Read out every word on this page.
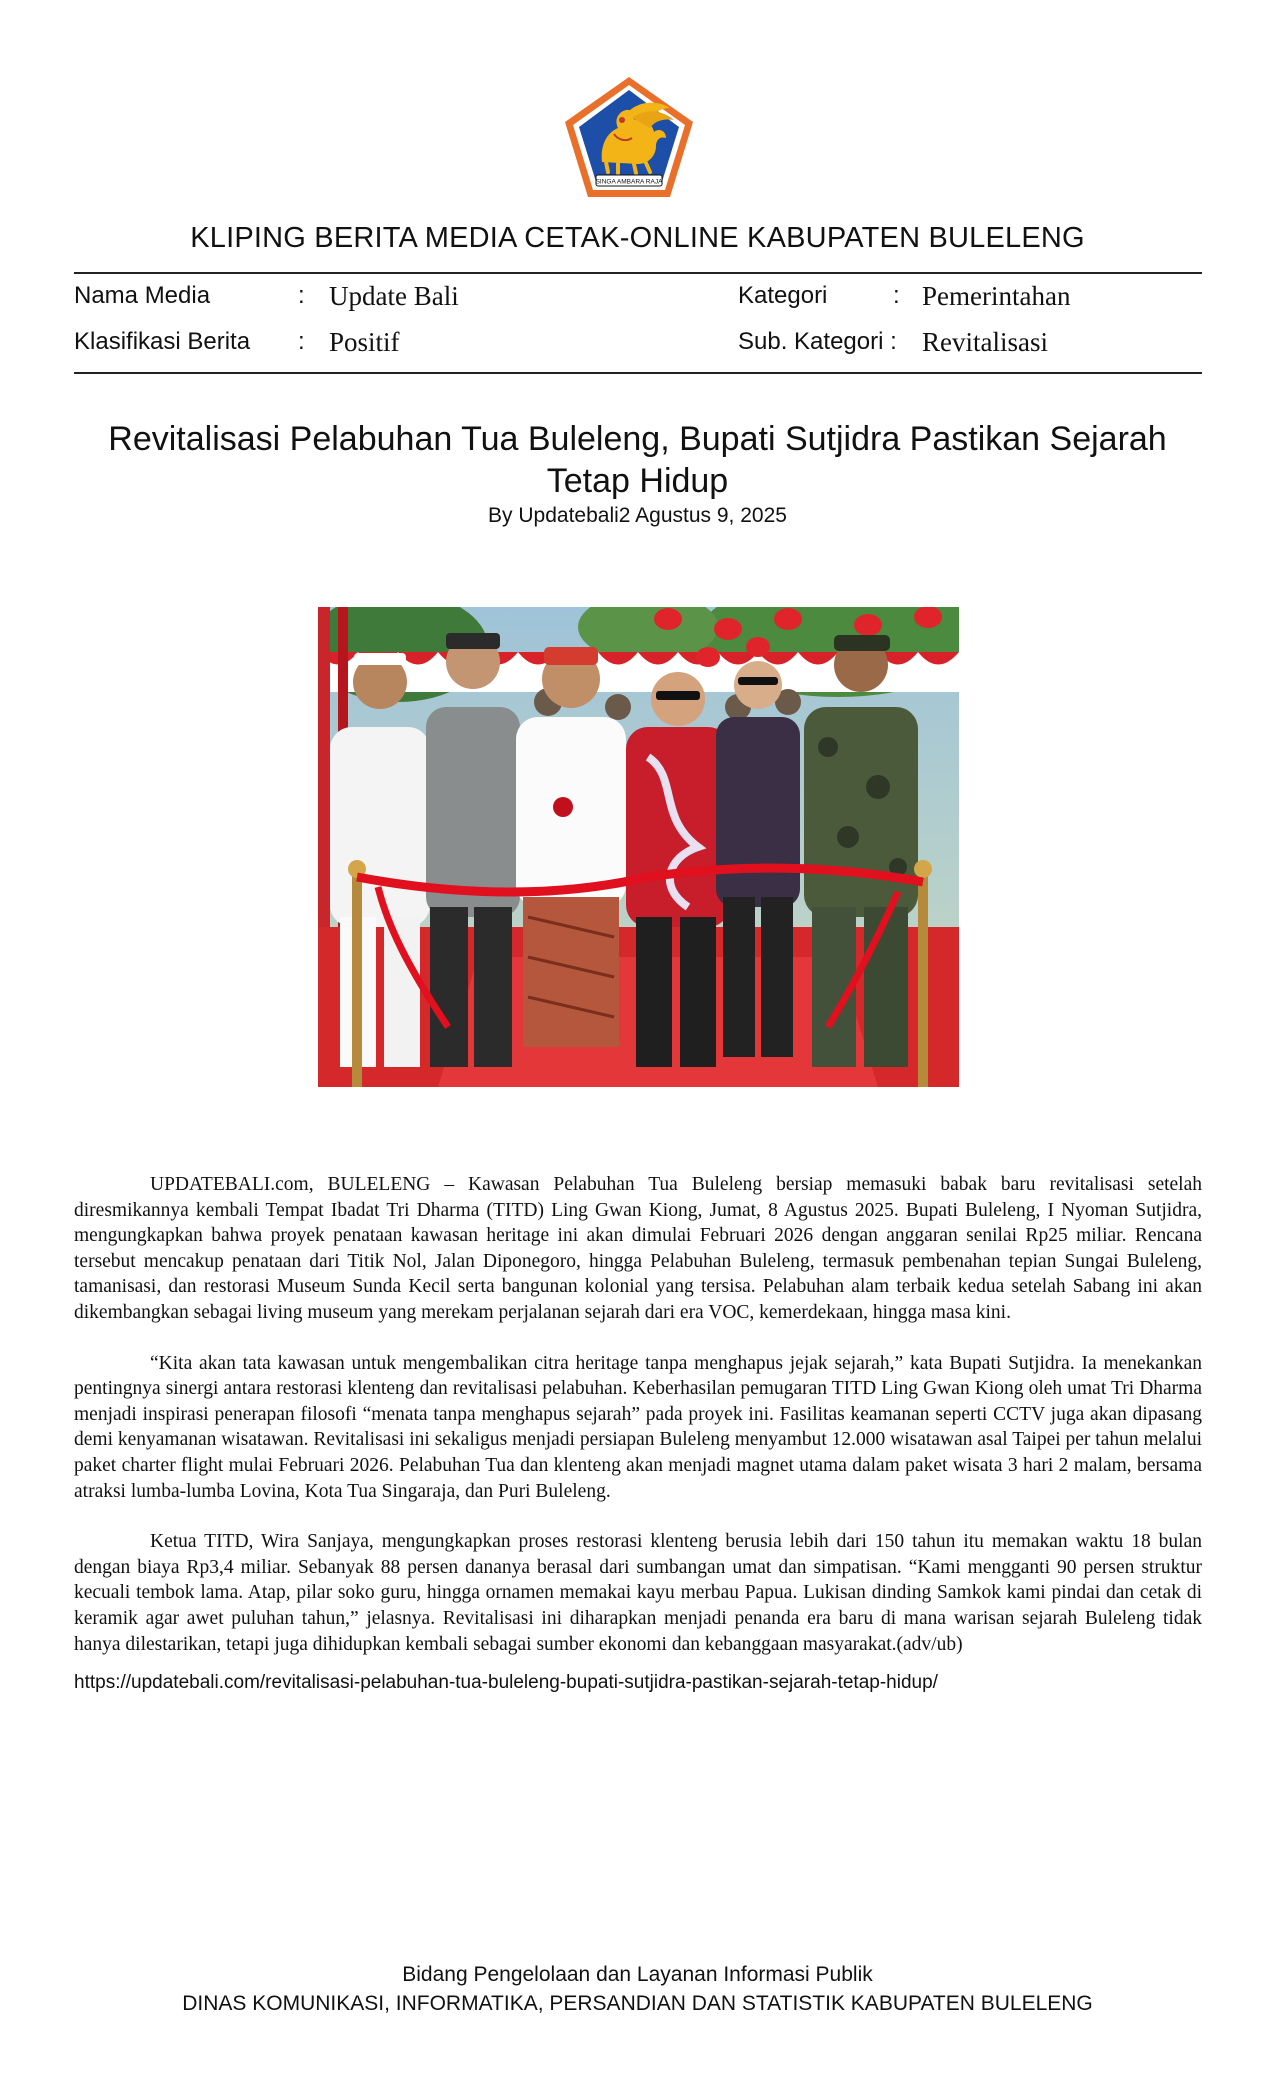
SINGA AMBARA RAJA
KLIPING BERITA MEDIA CETAK-ONLINE KABUPATEN BULELENG
Nama Media	: Update Bali
Klasifikasi Berita : Positif
Kategori	: Pemerintahan
Sub. Kategori : Revitalisasi
Revitalisasi Pelabuhan Tua Buleleng, Bupati Sutjidra Pastikan Sejarah Tetap Hidup
By Updatebali2 Agustus 9, 2025

UPDATEBALI.com, BULELENG – Kawasan Pelabuhan Tua Buleleng bersiap memasuki babak baru revitalisasi setelah diresmikannya kembali Tempat Ibadat Tri Dharma (TITD) Ling Gwan Kiong, Jumat, 8 Agustus 2025. Bupati Buleleng, I Nyoman Sutjidra, mengungkapkan bahwa proyek penataan kawasan heritage ini akan dimulai Februari 2026 dengan anggaran senilai Rp25 miliar. Rencana tersebut mencakup penataan dari Titik Nol, Jalan Diponegoro, hingga Pelabuhan Buleleng, termasuk pembenahan tepian Sungai Buleleng, tamanisasi, dan restorasi Museum Sunda Kecil serta bangunan kolonial yang tersisa. Pelabuhan alam terbaik kedua setelah Sabang ini akan dikembangkan sebagai living museum yang merekam perjalanan sejarah dari era VOC, kemerdekaan, hingga masa kini.

“Kita akan tata kawasan untuk mengembalikan citra heritage tanpa menghapus jejak sejarah,” kata Bupati Sutjidra. Ia menekankan pentingnya sinergi antara restorasi klenteng dan revitalisasi pelabuhan. Keberhasilan pemugaran TITD Ling Gwan Kiong oleh umat Tri Dharma menjadi inspirasi penerapan filosofi “menata tanpa menghapus sejarah” pada proyek ini. Fasilitas keamanan seperti CCTV juga akan dipasang demi kenyamanan wisatawan. Revitalisasi ini sekaligus menjadi persiapan Buleleng menyambut 12.000 wisatawan asal Taipei per tahun melalui paket charter flight mulai Februari 2026. Pelabuhan Tua dan klenteng akan menjadi magnet utama dalam paket wisata 3 hari 2 malam, bersama atraksi lumba-lumba Lovina, Kota Tua Singaraja, dan Puri Buleleng.

Ketua TITD, Wira Sanjaya, mengungkapkan proses restorasi klenteng berusia lebih dari 150 tahun itu memakan waktu 18 bulan dengan biaya Rp3,4 miliar. Sebanyak 88 persen dananya berasal dari sumbangan umat dan simpatisan. “Kami mengganti 90 persen struktur kecuali tembok lama. Atap, pilar soko guru, hingga ornamen memakai kayu merbau Papua. Lukisan dinding Samkok kami pindai dan cetak di keramik agar awet puluhan tahun,” jelasnya. Revitalisasi ini diharapkan menjadi penanda era baru di mana warisan sejarah Buleleng tidak hanya dilestarikan, tetapi juga dihidupkan kembali sebagai sumber ekonomi dan kebanggaan masyarakat.(adv/ub)

https://updatebali.com/revitalisasi-pelabuhan-tua-buleleng-bupati-sutjidra-pastikan-sejarah-tetap-hidup/
Bidang Pengelolaan dan Layanan Informasi Publik
DINAS KOMUNIKASI, INFORMATIKA, PERSANDIAN DAN STATISTIK KABUPATEN BULELENG
